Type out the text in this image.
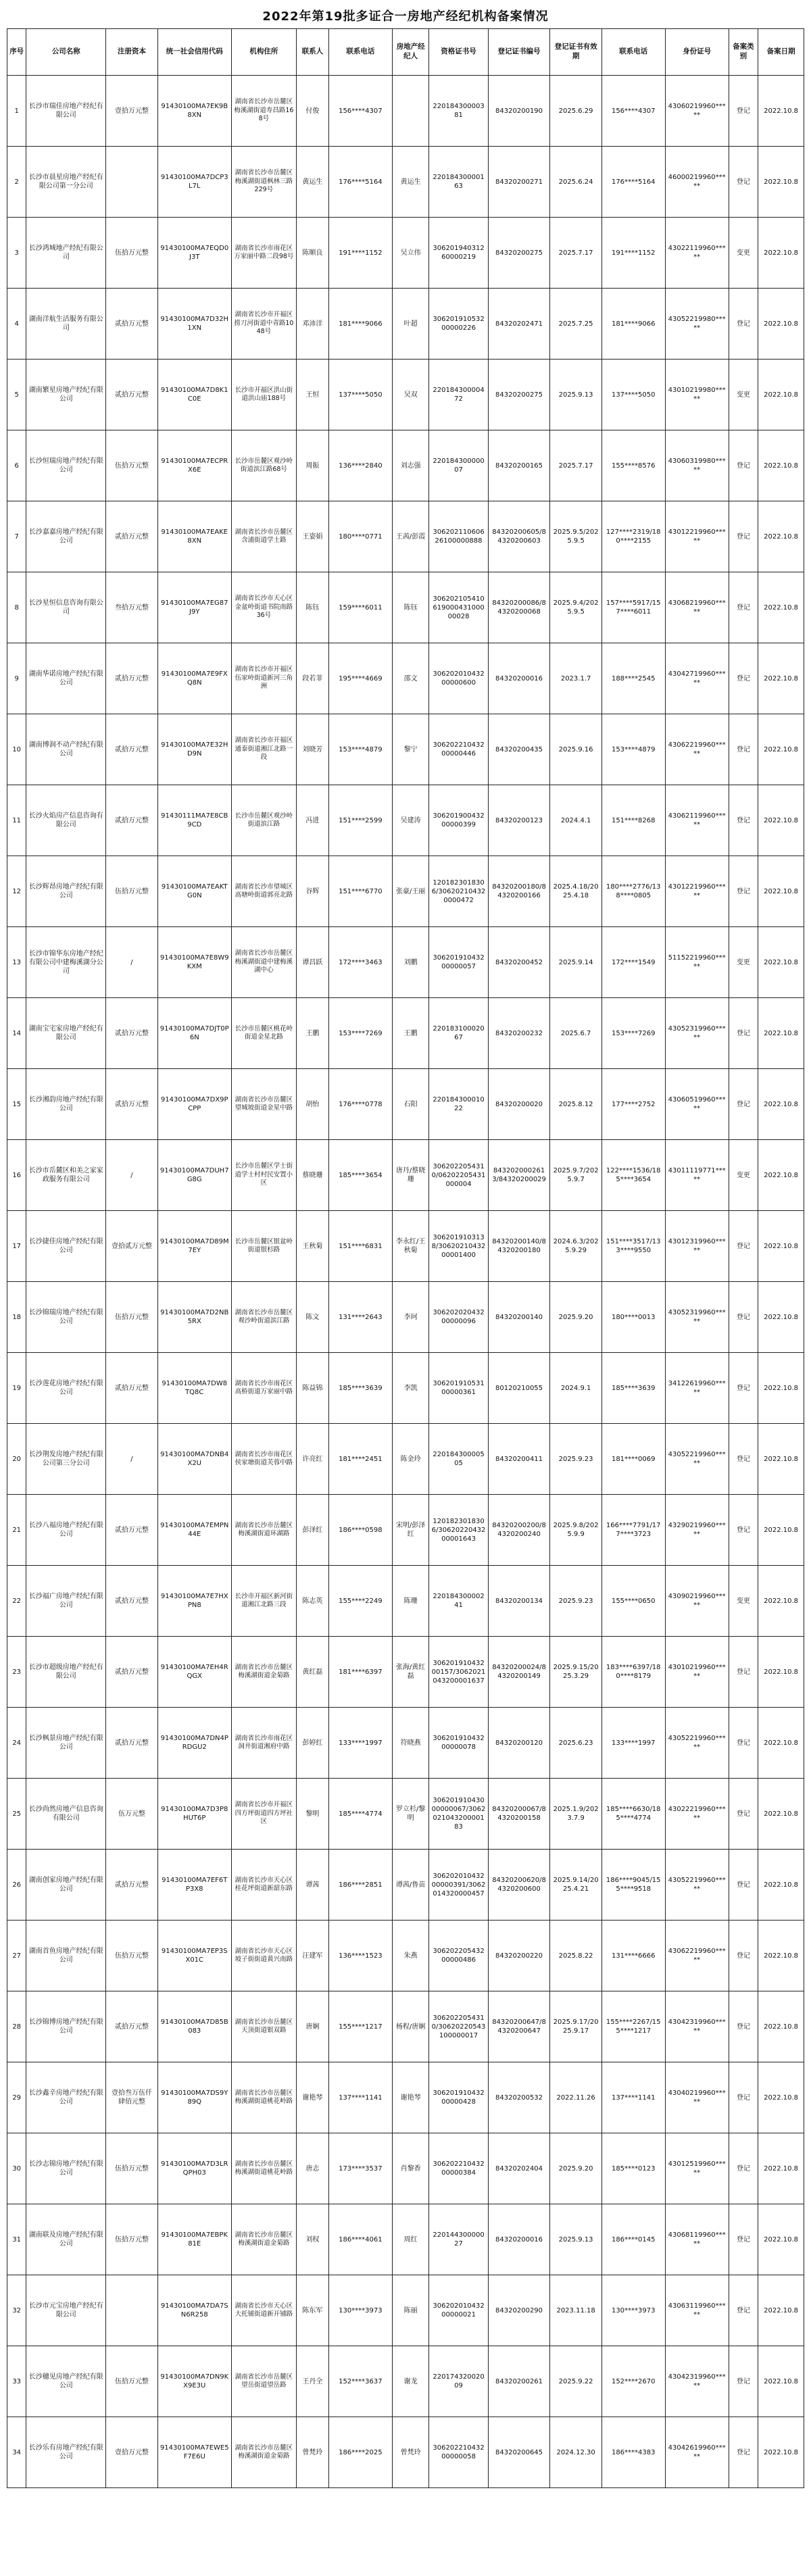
2022年第19批多证合一房地产经纪机构备案情况
序号	公司名称	注册资本	统一社会信用代码	机构住所	联系人	联系电话	房地产经纪人	资格证书号	登记证书编号	登记证书有效期	联系电话	身份证号	备案类别	备案日期
1	长沙市瑞佳房地产经纪有限公司	壹拾万元整	91430100MA7EK9B8XN	湖南省长沙市岳麓区梅溪湖街道寿昌路168号	付俊	156****4307		22018430000381	84320200190	2025.6.29	156****4307	43060219960*****	登记	2022.10.8
2	长沙市晨星房地产经纪有限公司第一分公司		91430100MA7DCP3L7L	湖南省长沙市岳麓区梅溪湖街道枫林三路229号	黄运生	176****5164	黄运生	22018430000163	84320200271	2025.6.24	176****5164	46000219960*****	登记	2022.10.8
3	长沙鸿城地产经纪有限公司	伍拾万元整	91430100MA7EQD0J3T	湖南省长沙市雨花区万家丽中路二段98号	陈顺良	191****1152	吴立伟	30620194031260000219	84320200275	2025.7.17	191****1152	43022119960*****	变更	2022.10.8
4	湖南洋航生活服务有限公司	贰拾万元整	91430100MA7D32H1XN	湖南省长沙市开福区捞刀河街道中青路1048号	邓沛洋	181****9066	叶超	30620191053200000226	84320202471	2025.7.25	181****9066	43052219980*****	登记	2022.10.8
5	湖南繁星房地产经纪有限公司	贰拾万元整	91430100MA7D8K1C0E	长沙市开福区洪山街道洪山庙188号	王恒	137****5050	吴双	22018430000472	84320200275	2025.9.13	137****5050	43010219980*****	变更	2022.10.8
6	长沙恒瑞房地产经纪有限公司	伍拾万元整	91430100MA7ECPRX6E	长沙市岳麓区观沙岭街道滨江路68号	周振	136****2840	刘志强	22018430000007	84320200165	2025.7.17	155****8576	43060319980*****	登记	2022.10.8
7	长沙嘉嘉房地产经纪有限公司	贰拾万元整	91430100MA7EAKE8XN	湖南省长沙市岳麓区含浦街道学士路	王姿娟	180****0771	王茜/彭霞	30620211060626100000888	84320200605/84320200603	2025.9.5/2025.9.5	127****2319/180****2155	43012219960*****	登记	2022.10.8
8	长沙星恒信息咨询有限公司	叁拾万元整	91430100MA7EG87J9Y	湖南省长沙市天心区金盆岭街道书院南路36号	陈钰	159****6011	陈钰	30620210541061900043100000028	84320200086/84320200068	2025.9.4/2025.9.5	157****5917/157****6011	43068219960*****	登记	2022.10.8
9	湖南华诺房地产经纪有限公司	贰拾万元整	91430100MA7E9FXQ8N	湖南省长沙市开福区伍家岭街道新河三角洲	段若菲	195****4669	邵文	30620201043200000600	84320200016	2023.1.7	188****2545	43042719960*****	登记	2022.10.8
10	湖南博润不动产经纪有限公司	贰拾万元整	91430100MA7E32HD9N	湖南省长沙市开福区通泰街道湘江北路一段	刘晓芳	153****4879	黎宁	30620221043200000446	84320200435	2025.9.16	153****4879	43062219960*****	登记	2022.10.8
11	长沙火焰房产信息咨询有限公司	贰拾万元整	91430111MA7E8CB9CD	长沙市岳麓区观沙岭街道滨江路	冯进	151****2599	吴建涛	30620190043200000399	84320200123	2024.4.1	151****8268	43062119960*****	登记	2022.10.8
12	长沙辉昂房地产经纪有限公司	伍拾万元整	91430100MA7EAKTG0N	湖南省长沙市望城区高塘岭街道郭亮北路	谷辉	151****6770	张豪/王丽	1201823018306/306202104320000472	84320200180/84320200166	2025.4.18/2025.4.18	180****2776/138****0805	43012219960*****	登记	2022.10.8
13	长沙市锦华东房地产经纪有限公司中建梅溪湖分公司	/	91430100MA7E8W9KXM	湖南省长沙市岳麓区梅溪湖街道中建梅溪湖中心	谭昌跃	172****3463	刘鹏	30620191043200000057	84320200452	2025.9.14	172****1549	51152219960*****	变更	2022.10.8
14	湖南宝宅家房地产经纪有限公司	贰拾万元整	91430100MA7DJT0P6N	长沙市岳麓区桃花岭街道金星北路	王鹏	153****7269	王鹏	22018310002067	84320200232	2025.6.7	153****7269	43052319960*****	登记	2022.10.8
15	长沙湘韵房地产经纪有限公司	贰拾万元整	91430100MA7DX9PCPP	湖南省长沙市岳麓区望城坡街道金星中路	胡怡	176****0778	石阳	22018430001022	84320200020	2025.8.12	177****2752	43060519960*****	登记	2022.10.8
16	长沙市岳麓区和美之家家政服务有限公司	/	91430100MA7DUH7G8G	长沙市岳麓区学士街道学士村村民安置小区	蔡晓珊	185****3654	唐丹/蔡晓珊	3062022054310/06202205431000004	8432020002613/84320200029	2025.9.7/2025.9.7	122****1536/185****3654	43011119771*****	变更	2022.10.8
17	长沙捷佳房地产经纪有限公司	壹拾贰万元整	91430100MA7D89M7EY	长沙市岳麓区银盆岭街道银杉路	王秋菊	151****6831	李永红/王秋菊	3062019103138/3062021043200001400	84320200140/84320200180	2024.6.3/2025.9.29	151****3517/133****9550	43012319960*****	登记	2022.10.8
18	长沙锦瑞房地产经纪有限公司	伍拾万元整	91430100MA7D2NB5RX	湖南省长沙市岳麓区观沙岭街道滨江路	陈文	131****2643	李珂	30620202043200000096	84320200140	2025.9.20	180****0013	43052319960*****	登记	2022.10.8
19	长沙莲花房地产经纪有限公司	贰拾万元整	91430100MA7DW8TQ8C	湖南省长沙市雨花区高桥街道万家丽中路	陈益锦	185****3639	李凯	30620191053100000361	80120210055	2024.9.1	185****3639	34122619960*****	登记	2022.10.8
20	长沙荆发房地产经纪有限公司第三分公司	/	91430100MA7DNB4X2U	湖南省长沙市雨花区侯家塘街道芙蓉中路	许亮红	181****2451	陈金玲	22018430000505	84320200411	2025.9.23	181****0069	43052219960*****	登记	2022.10.8
21	长沙八福房地产经纪有限公司	贰拾万元整	91430100MA7EMPN44E	湖南省长沙市岳麓区梅溪湖街道环湖路	彭泽红	186****0598	宋明/彭泽红	1201823018306/3062022043200001643	84320200200/84320200240	2025.9.8/2025.9.9	166****7791/177****3723	43290219960*****	登记	2022.10.8
22	长沙福广房地产经纪有限公司	贰拾万元整	91430100MA7E7HXPN8	长沙市开福区新河街道湘江北路三段	陈志英	155****2249	陈珊	22018430000241	84320200134	2025.9.23	155****0650	43090219960*****	变更	2022.10.8
23	长沙市超级房地产经纪有限公司	贰拾万元整	91430100MA7EH4RQGX	湖南省长沙市岳麓区梅溪湖街道金菊路	黄红磊	181****6397	张海/黄红磊	30620191043200157/3062021043200001637	84320200024/84320200149	2025.9.15/2025.3.29	183****6397/180****8179	43010219960*****	登记	2022.10.8
24	长沙枫景房地产经纪有限公司	贰拾万元整	91430100MA7DN4PRDGU2	湖南省长沙市雨花区洞井街道湘府中路	彭婷红	133****1997	符晓燕	30620191043200000078	84320200120	2025.6.23	133****1997	43052219960*****	登记	2022.10.8
25	长沙尚然房地产信息咨询有限公司	伍万元整	91430100MA7D3P8HUT6P	湖南省长沙市开福区四方坪街道四方坪社区	黎明	185****4774	罗立杉/黎明	30620191043000000067/306202104320000183	84320200067/84320200158	2025.1.9/2023.7.9	185****6630/185****4774	43022219960*****	登记	2022.10.8
26	湖南创家房地产经纪有限公司	贰拾万元整	91430100MA7EF6TP3X8	湖南省长沙市天心区桂花坪街道新韶东路	谭茜	186****2851	谭茜/鲁苗	30620201043200000391/3062014320000457	84320200620/84320200600	2025.9.14/2025.4.21	186****9045/155****9518	43052219960*****	登记	2022.10.8
27	湖南首鱼房地产经纪有限公司	伍拾万元整	91430100MA7EP3SX01C	湖南省长沙市天心区坡子街街道黄兴南路	汪建军	136****1523	朱燕	30620220543200000486	84320200220	2025.8.22	131****6666	43062219960*****	登记	2022.10.8
28	长沙锦博房地产经纪有限公司	贰拾万元整	91430100MA7D85B083	湖南省长沙市岳麓区天顶街道银双路	唐娴	155****1217	杨程/唐娴	3062022054310/30620220543100000017	84320200647/84320200647	2025.9.17/2025.9.17	155****2267/155****1217	43042319960*****	登记	2022.10.8
29	长沙鑫辛房地产经纪有限公司	壹拾叁万伍仟肆佰元整	91430100MA7DS9Y89Q	湖南省长沙市岳麓区梅溪湖街道桃花岭路	谢艳琴	137****1141	谢艳琴	30620191043200000428	84320200532	2022.11.26	137****1141	43040219960*****	登记	2022.10.8
30	长沙志锦房地产经纪有限公司	伍拾万元整	91430100MA7D3LRQPH03	湖南省长沙市岳麓区梅溪湖街道桃花岭路	唐志	173****3537	肖黎香	30620221043200000384	84320202404	2025.9.20	185****0123	43012519960*****	登记	2022.10.8
31	湖南联及房地产经纪有限公司	伍拾万元整	91430100MA7EBPK81E	湖南省长沙市岳麓区梅溪湖街道金菊路	刘权	186****4061	周红	22014430000027	84320200016	2025.9.13	186****0145	43068119960*****	登记	2022.10.8
32	长沙市元宝房地产经纪有限公司		91430100MA7DA7SN6R258	湖南省长沙市天心区大托铺街道新开铺路	陈东军	130****3973	陈丽	30620201043200000021	84320200290	2023.11.18	130****3973	43063119960*****	登记	2022.10.8
33	长沙穗见房地产经纪有限公司	伍拾万元整	91430100MA7DN9KX9E3U	湖南省长沙市岳麓区望岳街道望岳路	王丹全	152****3637	谢龙	22017432002009	84320200261	2025.9.22	152****2670	43042319960*****	登记	2022.10.8
34	长沙乐有房地产经纪有限公司	壹拾万元整	91430100MA7EWE5F7E6U	湖南省长沙市岳麓区梅溪湖街道金菊路	曾梵玲	186****2025	曾梵玲	30620221043200000058	84320200645	2024.12.30	186****4383	43042619960*****	登记	2022.10.8
